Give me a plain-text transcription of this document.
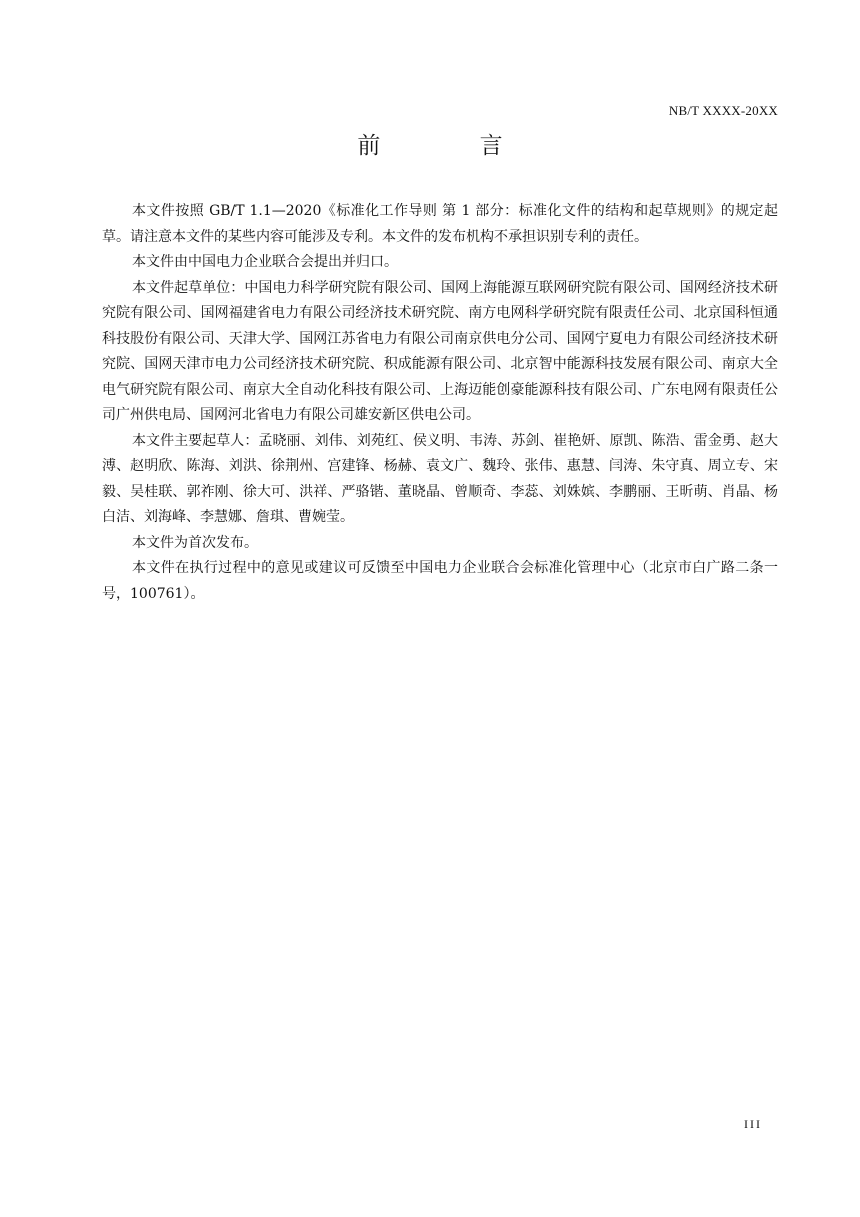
NB/T XXXX-20XX
前 言

本文件按照 GB/T 1.1—2020《标准化工作导则 第 1 部分：标准化文件的结构和起草规则》的规定起草。请注意本文件的某些内容可能涉及专利。本文件的发布机构不承担识别专利的责任。

本文件由中国电力企业联合会提出并归口。

本文件起草单位：中国电力科学研究院有限公司、国网上海能源互联网研究院有限公司、国网经济技术研究院有限公司、国网福建省电力有限公司经济技术研究院、南方电网科学研究院有限责任公司、北京国科恒通科技股份有限公司、天津大学、国网江苏省电力有限公司南京供电分公司、国网宁夏电力有限公司经济技术研究院、国网天津市电力公司经济技术研究院、积成能源有限公司、北京智中能源科技发展有限公司、南京大全电气研究院有限公司、南京大全自动化科技有限公司、上海迈能创豪能源科技有限公司、广东电网有限责任公司广州供电局、国网河北省电力有限公司雄安新区供电公司。

本文件主要起草人：孟晓丽、刘伟、刘苑红、侯义明、韦涛、苏剑、崔艳妍、原凯、陈浩、雷金勇、赵大溥、赵明欣、陈海、刘洪、徐荆州、宫建锋、杨赫、袁文广、魏玲、张伟、惠慧、闫涛、朱守真、周立专、宋毅、吴桂联、郭祚刚、徐大可、洪祥、严骆锴、董晓晶、曾顺奇、李蕊、刘姝嫔、李鹏丽、王昕萌、肖晶、杨白洁、刘海峰、李慧娜、詹琪、曹婉莹。

本文件为首次发布。

本文件在执行过程中的意见或建议可反馈至中国电力企业联合会标准化管理中心（北京市白广路二条一号，100761）。

III
